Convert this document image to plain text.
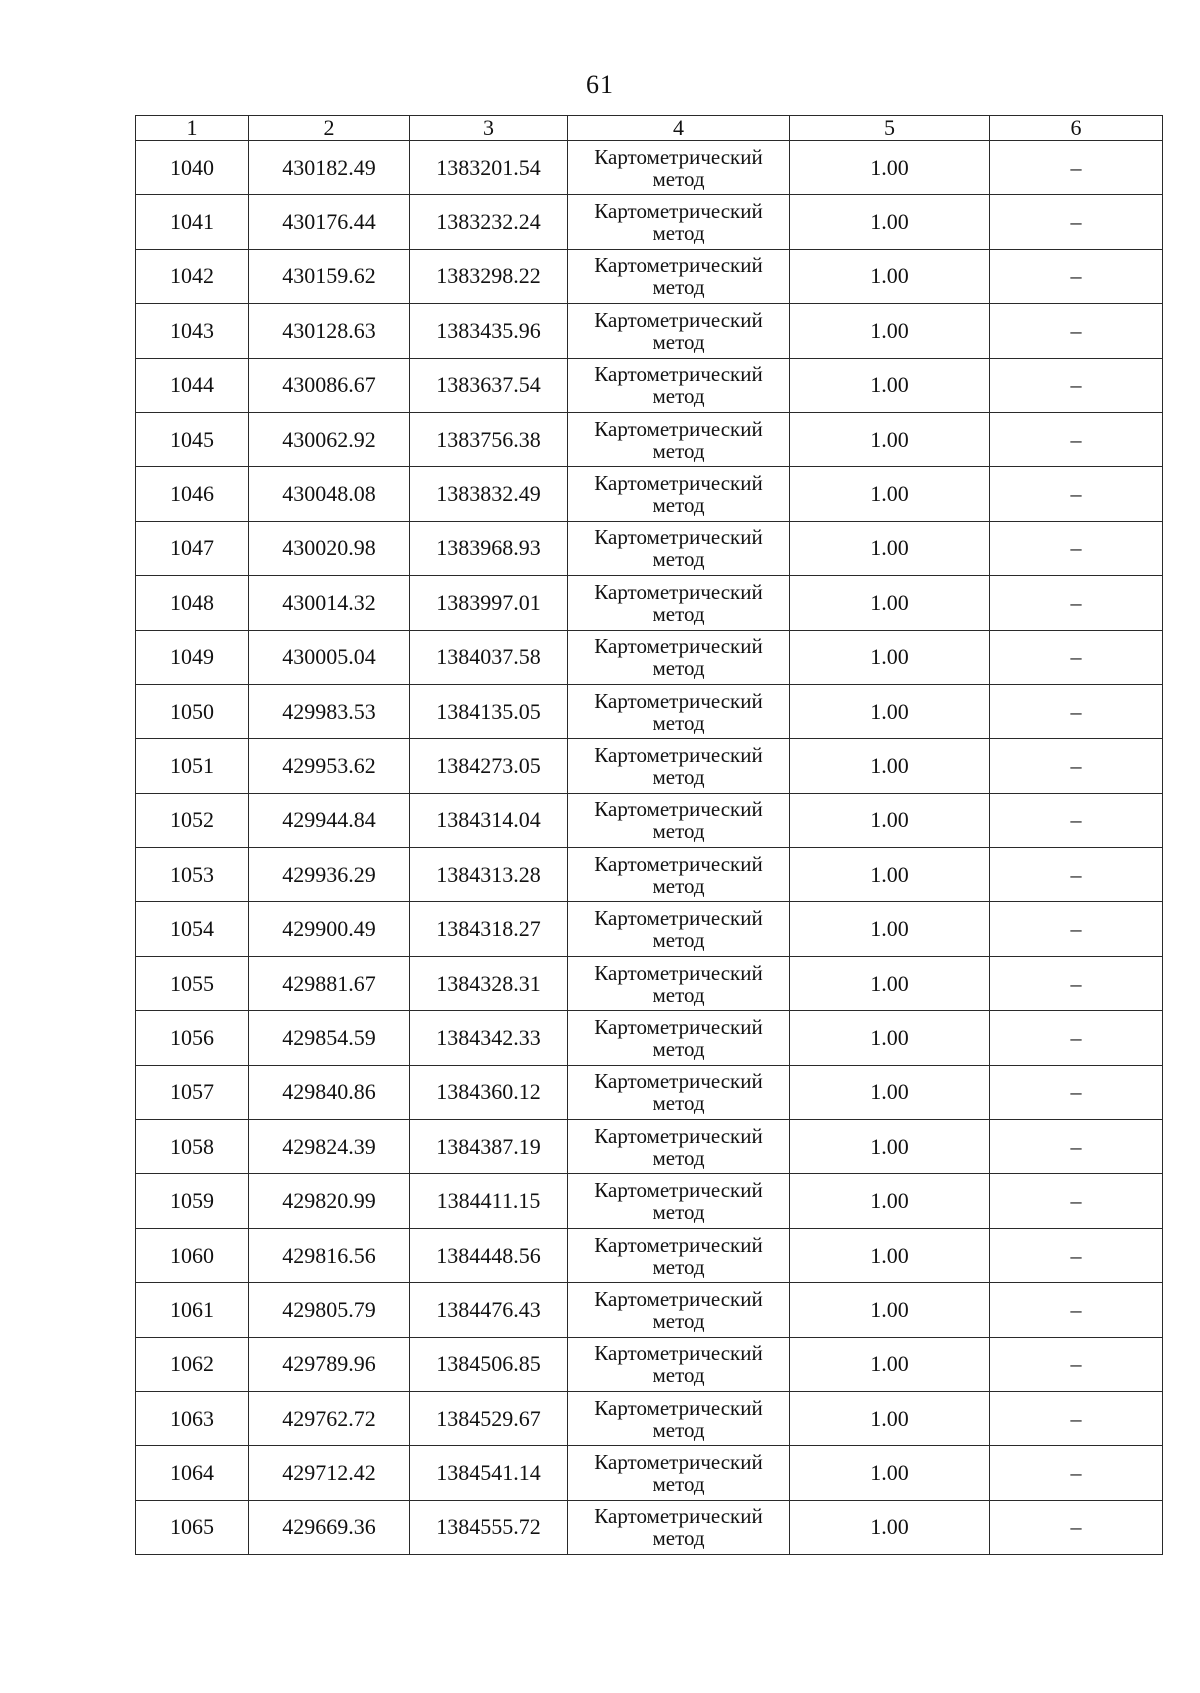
61
1	2	3	4	5	6
1040	430182.49	1383201.54	Картометрический метод	1.00	–
1041	430176.44	1383232.24	Картометрический метод	1.00	–
1042	430159.62	1383298.22	Картометрический метод	1.00	–
1043	430128.63	1383435.96	Картометрический метод	1.00	–
1044	430086.67	1383637.54	Картометрический метод	1.00	–
1045	430062.92	1383756.38	Картометрический метод	1.00	–
1046	430048.08	1383832.49	Картометрический метод	1.00	–
1047	430020.98	1383968.93	Картометрический метод	1.00	–
1048	430014.32	1383997.01	Картометрический метод	1.00	–
1049	430005.04	1384037.58	Картометрический метод	1.00	–
1050	429983.53	1384135.05	Картометрический метод	1.00	–
1051	429953.62	1384273.05	Картометрический метод	1.00	–
1052	429944.84	1384314.04	Картометрический метод	1.00	–
1053	429936.29	1384313.28	Картометрический метод	1.00	–
1054	429900.49	1384318.27	Картометрический метод	1.00	–
1055	429881.67	1384328.31	Картометрический метод	1.00	–
1056	429854.59	1384342.33	Картометрический метод	1.00	–
1057	429840.86	1384360.12	Картометрический метод	1.00	–
1058	429824.39	1384387.19	Картометрический метод	1.00	–
1059	429820.99	1384411.15	Картометрический метод	1.00	–
1060	429816.56	1384448.56	Картометрический метод	1.00	–
1061	429805.79	1384476.43	Картометрический метод	1.00	–
1062	429789.96	1384506.85	Картометрический метод	1.00	–
1063	429762.72	1384529.67	Картометрический метод	1.00	–
1064	429712.42	1384541.14	Картометрический метод	1.00	–
1065	429669.36	1384555.72	Картометрический метод	1.00	–
